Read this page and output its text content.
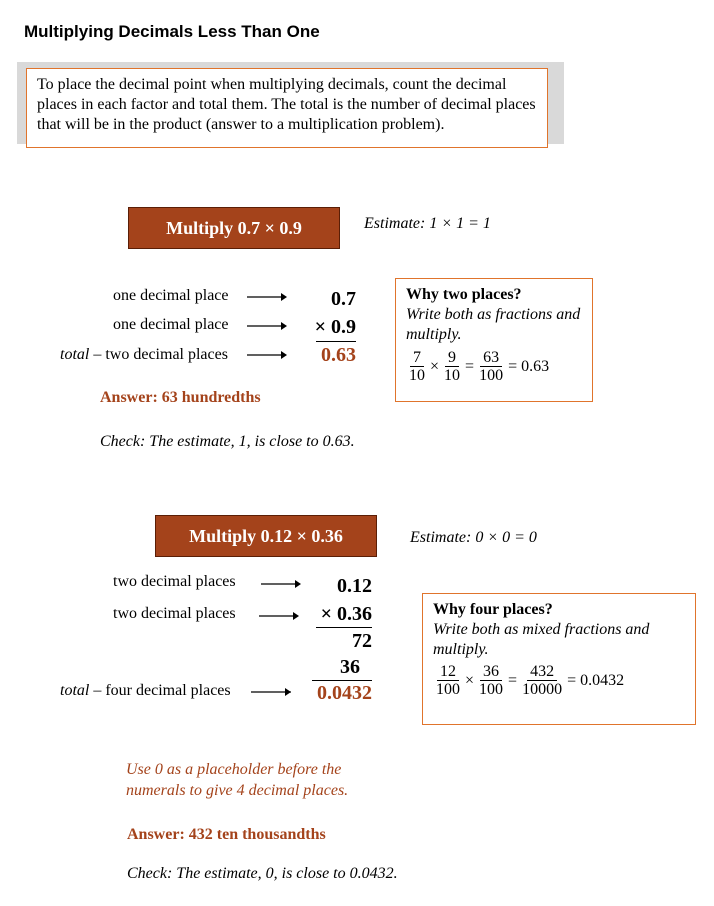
Multiplying Decimals Less Than One
To place the decimal point when multiplying decimals, count the decimal places in each factor and total them. The total is the number of decimal places that will be in the product (answer to a multiplication problem).
Multiply 0.7 × 0.9	Estimate: 1 × 1 = 1
one decimal place
one decimal place
total – two decimal places
0.7
× 0.9
0.63
Why two places?
Write both as fractions and multiply.
$\frac{7}{10} \times \frac{9}{10} = \frac{63}{100} = 0.63$
Answer: 63 hundredths
Check: The estimate, 1, is close to 0.63.
Multiply 0.12 × 0.36	Estimate: 0 × 0 = 0
two decimal places
two decimal places
total – four decimal places
0.12
× 0.36
72
36
0.0432
Why four places?
Write both as mixed fractions and multiply.
$\frac{12}{100} \times \frac{36}{100} = \frac{432}{10000} = 0.0432$
Use 0 as a placeholder before the numerals to give 4 decimal places.
Answer: 432 ten thousandths
Check: The estimate, 0, is close to 0.0432.
